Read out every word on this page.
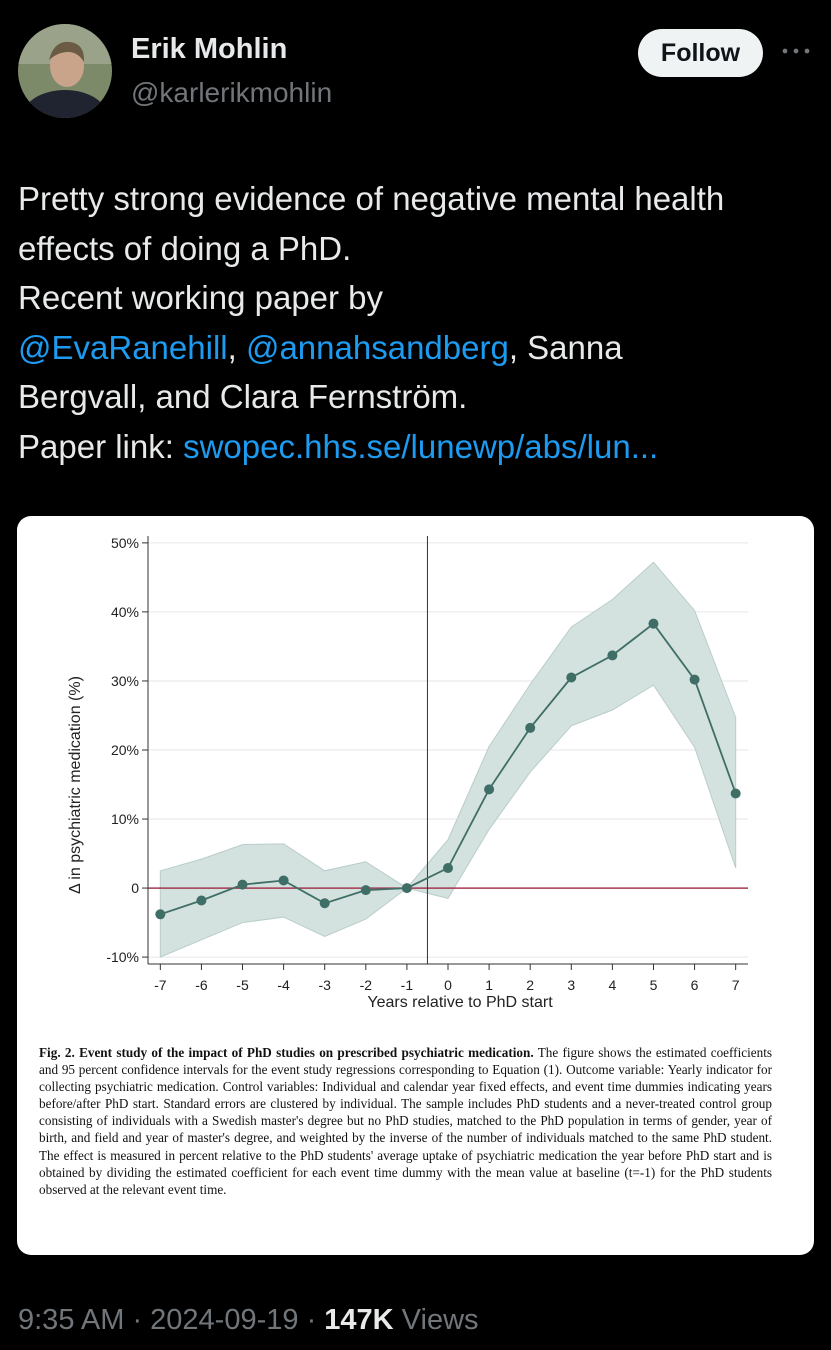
Erik Mohlin
@karlerikmohlin
Follow
Pretty strong evidence of negative mental health
effects of doing a PhD.
Recent working paper by
@EvaRanehill, @annahsandberg, Sanna
Bergvall, and Clara Fernström.
Paper link: swopec.hhs.se/lunewp/abs/lun...
-10%
0
10%
20%
30%
40%
50%
-7 -6 -5 -4 -3 -2 -1 0 1 2 3 4 5 6 7
Years relative to PhD start
Δ in psychiatric medication (%)
Fig. 2. Event study of the impact of PhD studies on prescribed psychiatric medication. The figure shows the estimated coefficients and 95 percent confidence intervals for the event study regressions corresponding to Equation (1). Outcome variable: Yearly indicator for collecting psychiatric medication. Control variables: Individual and calendar year fixed effects, and event time dummies indicating years before/after PhD start. Standard errors are clustered by individual. The sample includes PhD students and a never-treated control group consisting of individuals with a Swedish master's degree but no PhD studies, matched to the PhD population in terms of gender, year of birth, and field and year of master's degree, and weighted by the inverse of the number of individuals matched to the same PhD student. The effect is measured in percent relative to the PhD students' average uptake of psychiatric medication the year before PhD start and is obtained by dividing the estimated coefficient for each event time dummy with the mean value at baseline (t=-1) for the PhD students observed at the relevant event time.
9:35 AM · 2024-09-19 · 147K Views
